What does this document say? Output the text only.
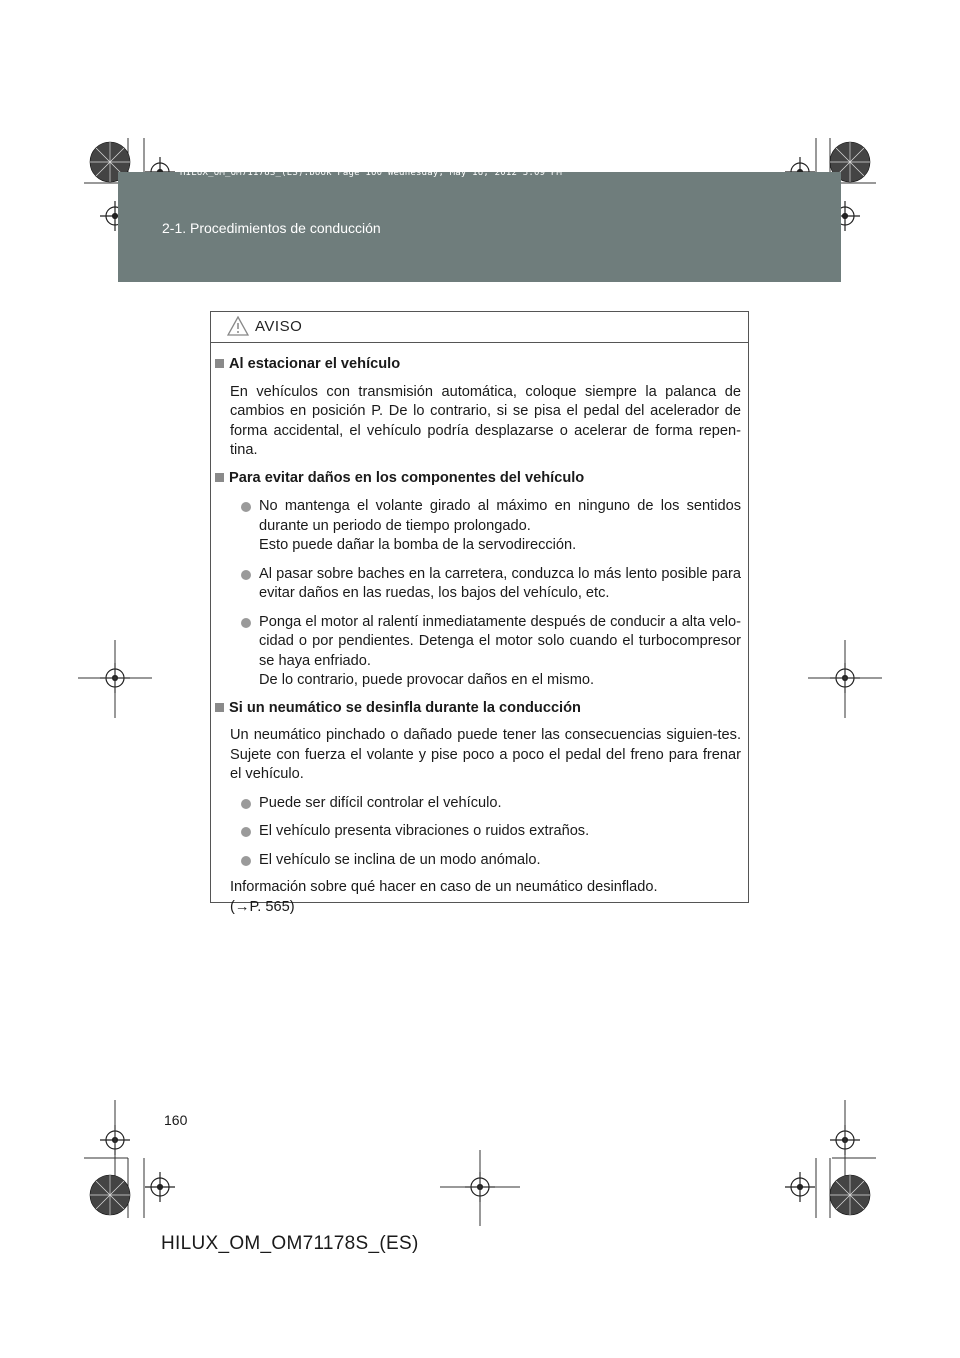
HILUX_OM_OM71178S_(ES).book Page 160 Wednesday, May 16, 2012 3:09 PM
2-1. Procedimientos de conducción
AVISO
Al estacionar el vehículo
En vehículos con transmisión automática, coloque siempre la palanca de cambios en posición P. De lo contrario, si se pisa el pedal del acelerador de forma accidental, el vehículo podría desplazarse o acelerar de forma repen-tina.
Para evitar daños en los componentes del vehículo
No mantenga el volante girado al máximo en ninguno de los sentidos durante un periodo de tiempo prolongado.
Esto puede dañar la bomba de la servodirección.
Al pasar sobre baches en la carretera, conduzca lo más lento posible para evitar daños en las ruedas, los bajos del vehículo, etc.
Ponga el motor al ralentí inmediatamente después de conducir a alta velo-cidad o por pendientes. Detenga el motor solo cuando el turbocompresor se haya enfriado.
De lo contrario, puede provocar daños en el mismo.
Si un neumático se desinfla durante la conducción
Un neumático pinchado o dañado puede tener las consecuencias siguien-tes. Sujete con fuerza el volante y pise poco a poco el pedal del freno para frenar el vehículo.
Puede ser difícil controlar el vehículo.
El vehículo presenta vibraciones o ruidos extraños.
El vehículo se inclina de un modo anómalo.
Información sobre qué hacer en caso de un neumático desinflado.
(→P. 565)
160
HILUX_OM_OM71178S_(ES)
